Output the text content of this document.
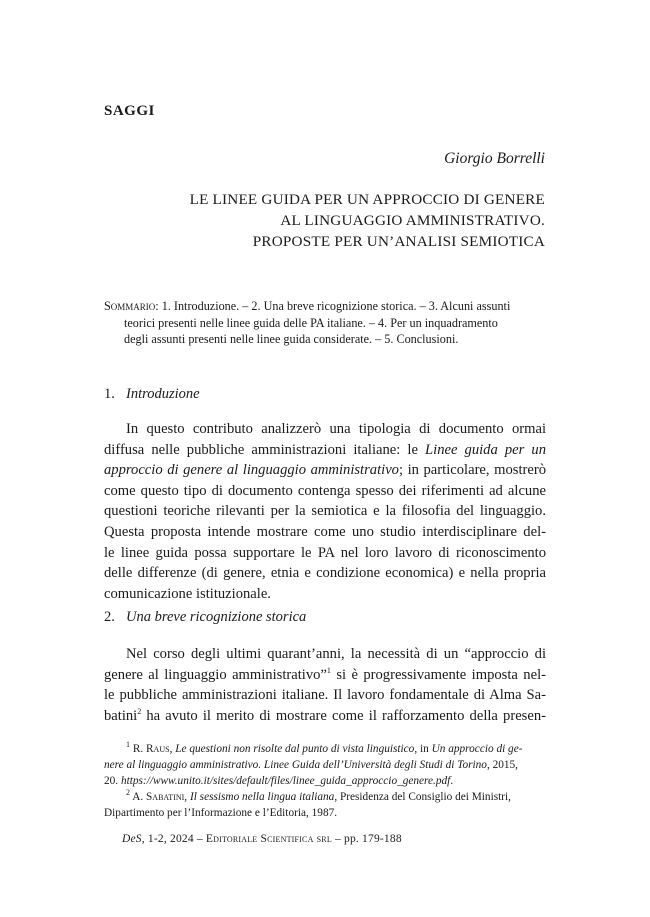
SAGGI
Giorgio Borrelli
LE LINEE GUIDA PER UN APPROCCIO DI GENERE
AL LINGUAGGIO AMMINISTRATIVO.
PROPOSTE PER UN’ANALISI SEMIOTICA
Sommario: 1. Introduzione. – 2. Una breve ricognizione storica. – 3. Alcuni assunti
teorici presenti nelle linee guida delle PA italiane. – 4. Per un inquadramento
degli assunti presenti nelle linee guida considerate. – 5. Conclusioni.
1. Introduzione
In questo contributo analizzerò una tipologia di documento ormai
diffusa nelle pubbliche amministrazioni italiane: le Linee guida per un
approccio di genere al linguaggio amministrativo; in particolare, mostrerò
come questo tipo di documento contenga spesso dei riferimenti ad alcune
questioni teoriche rilevanti per la semiotica e la filosofia del linguaggio.
Questa proposta intende mostrare come uno studio interdisciplinare del-
le linee guida possa supportare le PA nel loro lavoro di riconoscimento
delle differenze (di genere, etnia e condizione economica) e nella propria
comunicazione istituzionale.
2. Una breve ricognizione storica
Nel corso degli ultimi quarant’anni, la necessità di un “approccio di
genere al linguaggio amministrativo”$^1$ si è progressivamente imposta nel-
le pubbliche amministrazioni italiane. Il lavoro fondamentale di Alma Sa-
batini$^2$ ha avuto il merito di mostrare come il rafforzamento della presen-
$^1$ R. Raus, Le questioni non risolte dal punto di vista linguistico, in Un approccio di ge-
nere al linguaggio amministrativo. Linee Guida dell’Università degli Studi di Torino, 2015,
20. https://www.unito.it/sites/default/files/linee_guida_approccio_genere.pdf.
$^2$ A. Sabatini, Il sessismo nella lingua italiana, Presidenza del Consiglio dei Ministri,
Dipartimento per l’Informazione e l’Editoria, 1987.
DeS, 1-2, 2024 – Editoriale Scientifica srl – pp. 179-188
